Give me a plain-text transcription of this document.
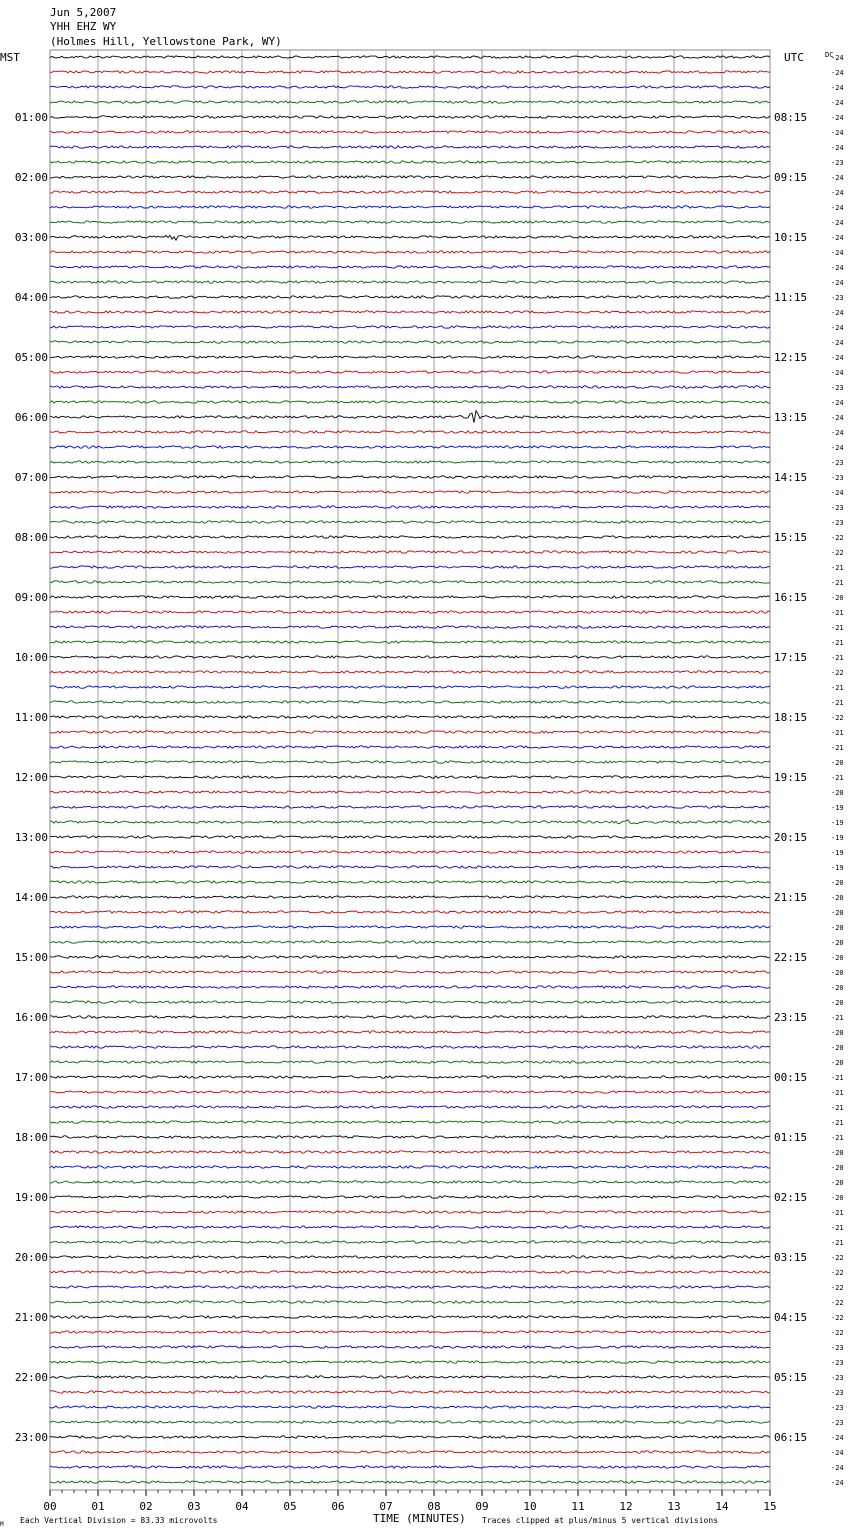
Jun 5,2007
YHH EHZ WY
(Holmes Hill, Yellowstone Park, WY)
MST	UTC	DC
01:00
02:00
03:00
04:00
05:00
06:00
07:00
08:00
09:00
10:00
11:00
12:00
13:00
14:00
15:00
16:00
17:00
18:00
19:00
20:00
21:00
22:00
23:00
08:15
09:15
10:15
11:15
12:15
13:15
14:15
15:15
16:15
17:15
18:15
19:15
20:15
21:15
22:15
23:15
00:15
01:15
02:15
03:15
04:15
05:15
06:15
-24
-24
-24
-24
-24
-24
-24
-23
-24
-24
-24
-24
-24
-24
-24
-24
-23
-24
-24
-24
-24
-24
-23
-24
-24
-24
-24
-23
-23
-24
-23
-23
-22
-22
-21
-21
-20
-21
-21
-21
-21
-22
-21
-21
-22
-21
-21
-20
-21
-20
-19
-19
-19
-19
-19
-20
-20
-20
-20
-20
-20
-20
-20
-20
-21
-20
-20
-20
-21
-21
-21
-21
-21
-20
-20
-20
-20
-21
-21
-21
-22
-22
-22
-22
-22
-22
-23
-23
-23
-23
-23
-23
-24
-24
-24
-24
00	01	02	03	04	05	06	07	08	09	10	11	12	13	14	15
M Each Vertical Division = 83.33 microvolts	TIME (MINUTES) Traces clipped at plus/minus 5 vertical divisions
